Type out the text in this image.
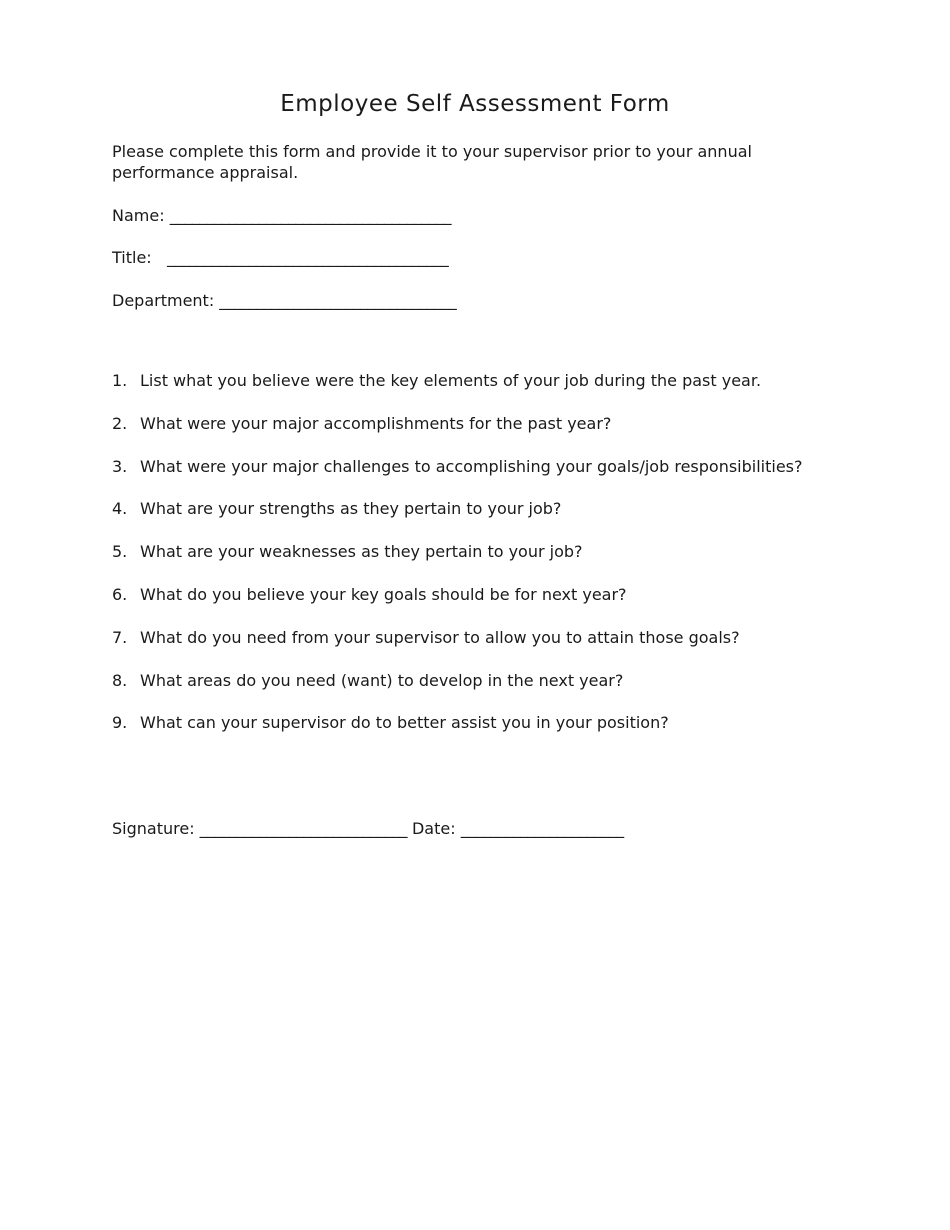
Employee Self Assessment Form
Please complete this form and provide it to your supervisor prior to your annual performance appraisal.
Name: ______________________________________
Title:   ______________________________________
Department: ________________________________
1. List what you believe were the key elements of your job during the past year.
2. What were your major accomplishments for the past year?
3. What were your major challenges to accomplishing your goals/job responsibilities?
4. What are your strengths as they pertain to your job?
5. What are your weaknesses as they pertain to your job?
6. What do you believe your key goals should be for next year?
7. What do you need from your supervisor to allow you to attain those goals?
8. What areas do you need (want) to develop in the next year?
9. What can your supervisor do to better assist you in your position?
Signature: ____________________________ Date: ______________________
